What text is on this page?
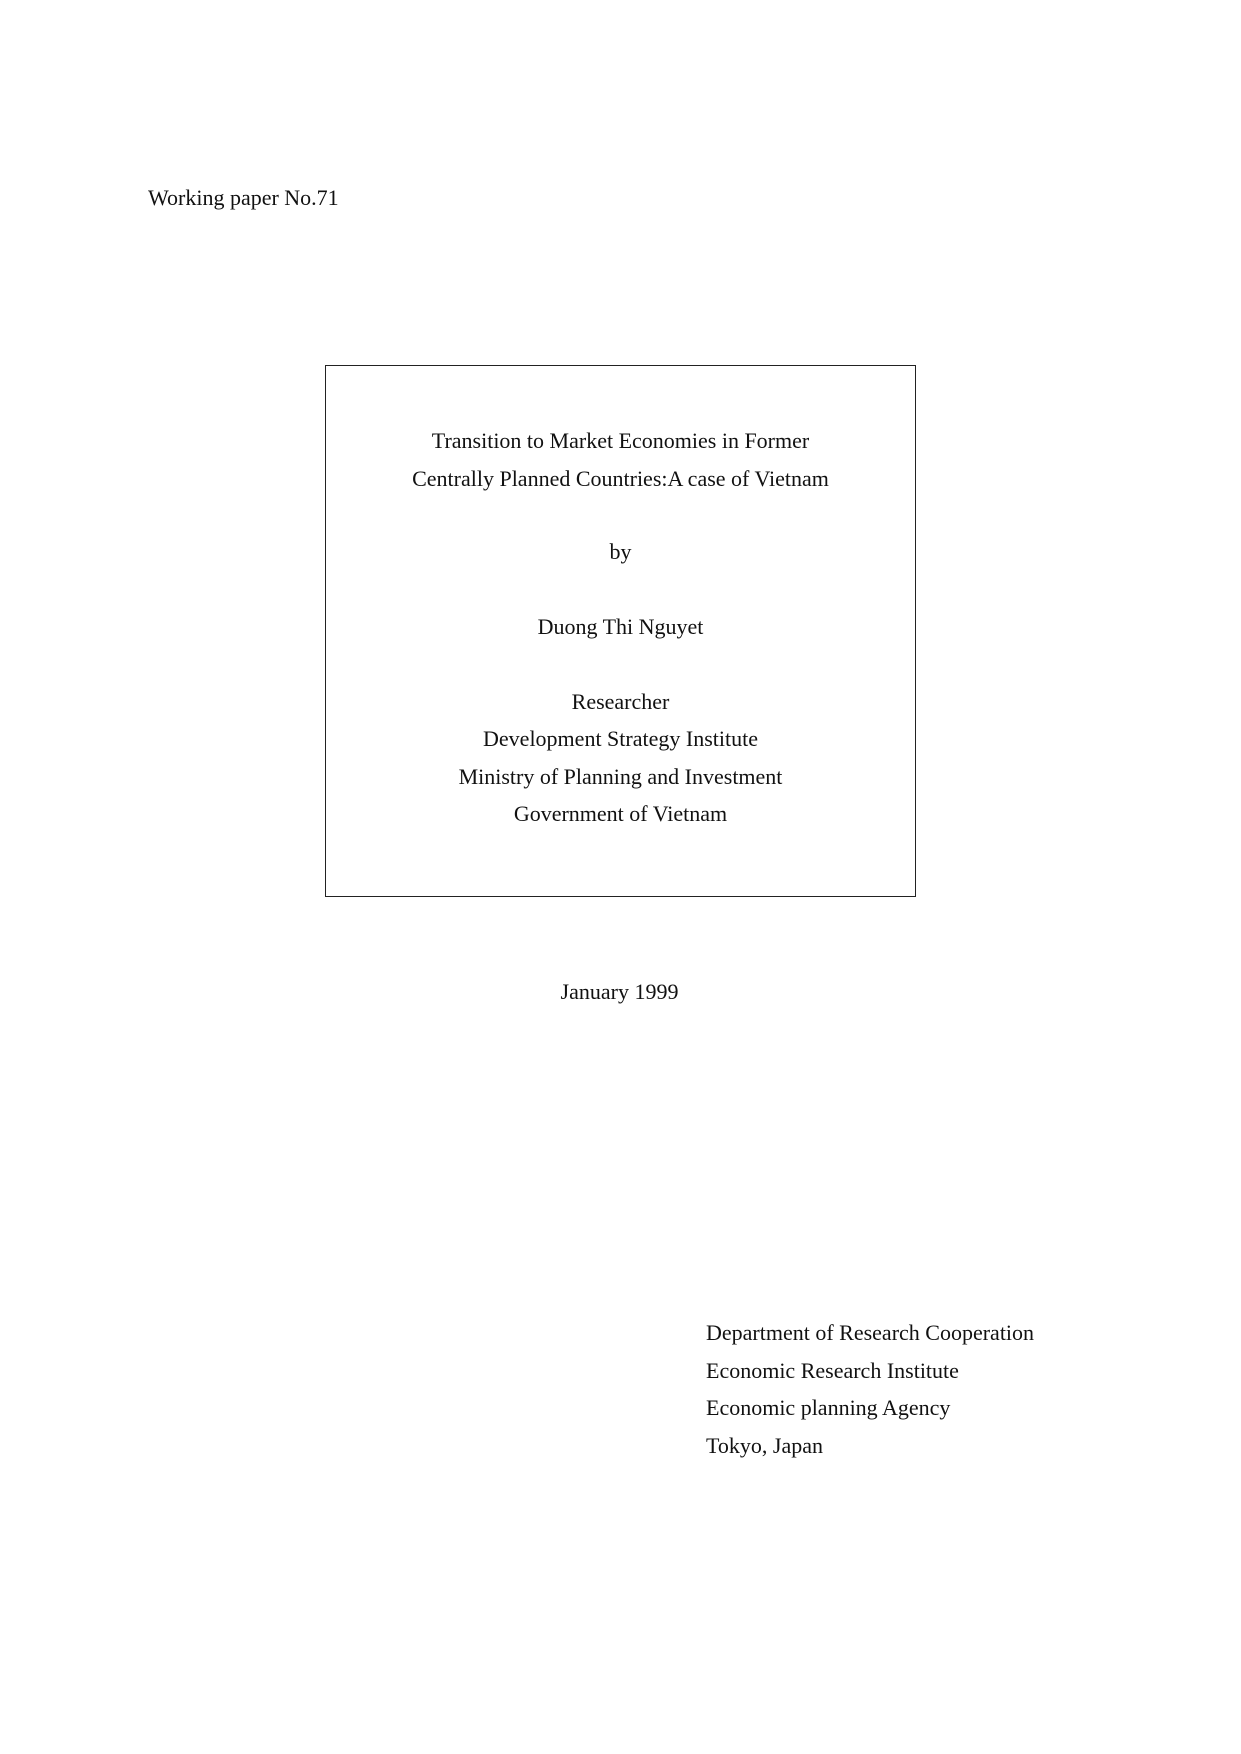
Working paper No.71
Transition to Market Economies in Former
Centrally Planned Countries:A case of Vietnam
by
Duong Thi Nguyet
Researcher
Development Strategy Institute
Ministry of Planning and Investment
Government of Vietnam
January 1999
Department of Research Cooperation
Economic Research Institute
Economic planning Agency
Tokyo, Japan
